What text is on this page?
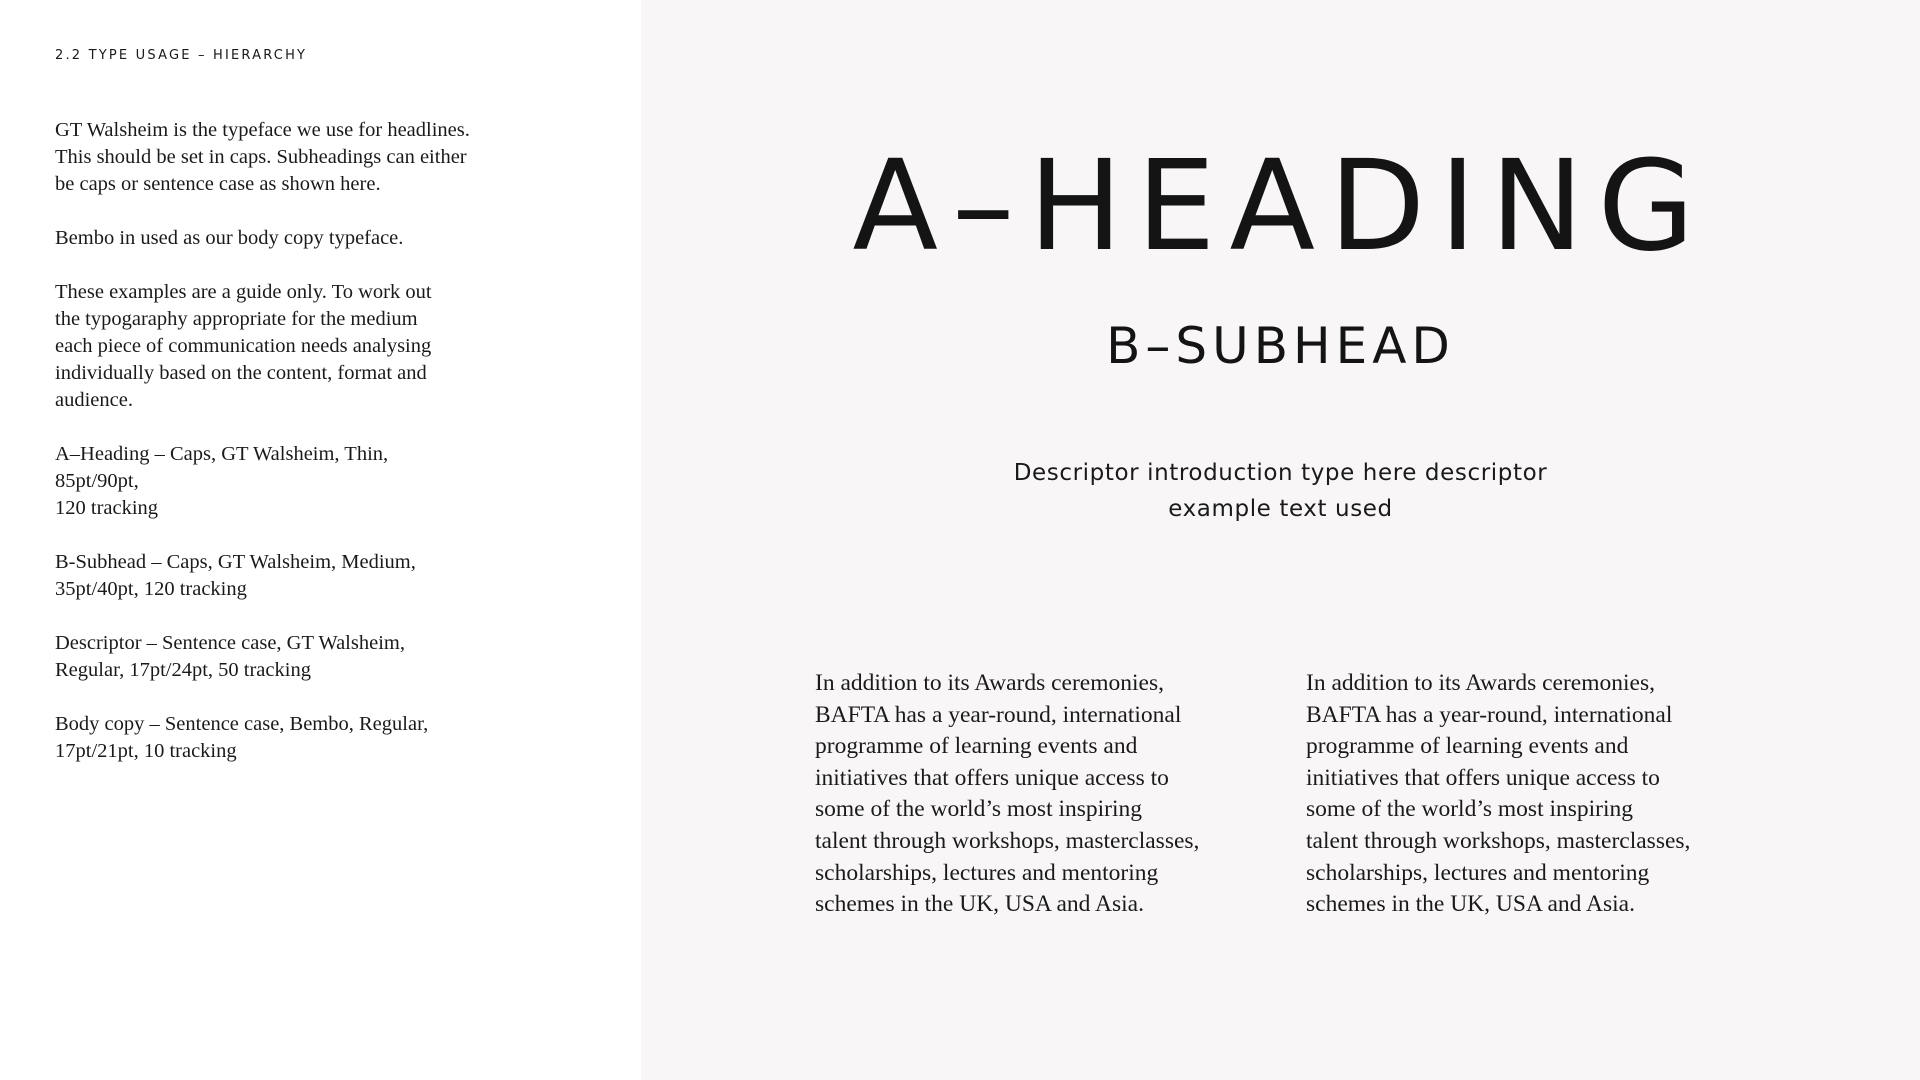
2.2 TYPE USAGE – HIERARCHY

GT Walsheim is the typeface we use for headlines.
This should be set in caps. Subheadings can either
be caps or sentence case as shown here.

Bembo in used as our body copy typeface.

These examples are a guide only. To work out
the typogaraphy appropriate for the medium
each piece of communication needs analysing
individually based on the content, format and
audience.

A–Heading – Caps, GT Walsheim, Thin,
85pt/90pt,
120 tracking

B-Subhead – Caps, GT Walsheim, Medium,
35pt/40pt, 120 tracking

Descriptor – Sentence case, GT Walsheim,
Regular, 17pt/24pt, 50 tracking

Body copy – Sentence case, Bembo, Regular,
17pt/21pt, 10 tracking

A–HEADING
B–SUBHEAD
Descriptor introduction type here descriptor
example text used
In addition to its Awards ceremonies,
BAFTA has a year-round, international
programme of learning events and
initiatives that offers unique access to
some of the world’s most inspiring
talent through workshops, masterclasses,
scholarships, lectures and mentoring
schemes in the UK, USA and Asia.
In addition to its Awards ceremonies,
BAFTA has a year-round, international
programme of learning events and
initiatives that offers unique access to
some of the world’s most inspiring
talent through workshops, masterclasses,
scholarships, lectures and mentoring
schemes in the UK, USA and Asia.
